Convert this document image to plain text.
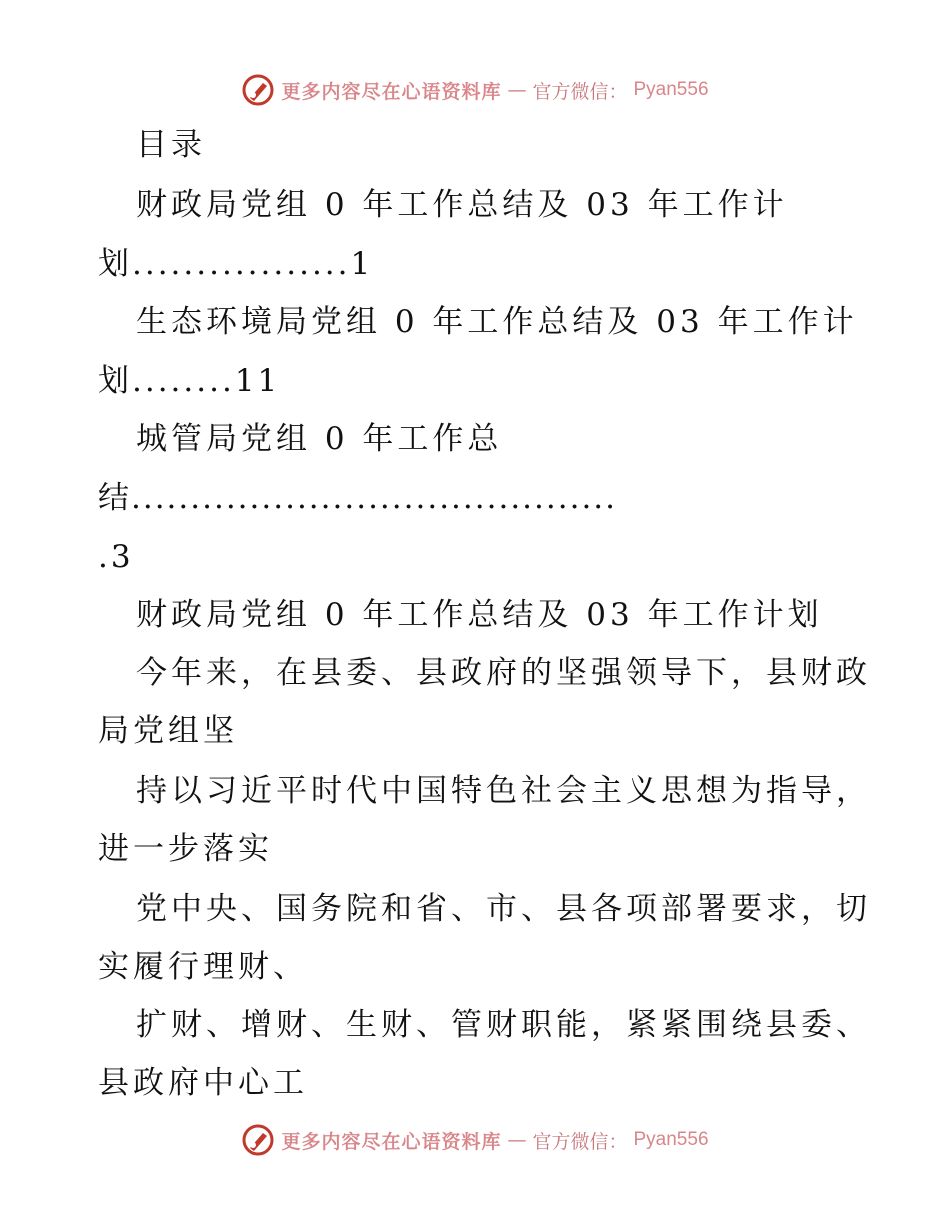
更多内容尽在心语资料库 — 官方微信： Pyan556
目录
财政局党组 0 年工作总结及 03 年工作计
划.................1
生态环境局党组 0 年工作总结及 03 年工作计
划........11
城管局党组 0 年工作总
结.........................................
.3
财政局党组 0 年工作总结及 03 年工作计划
今年来，在县委、县政府的坚强领导下，县财政
局党组坚
持以习近平时代中国特色社会主义思想为指导，
进一步落实
党中央、国务院和省、市、县各项部署要求，切
实履行理财、
扩财、增财、生财、管财职能，紧紧围绕县委、
县政府中心工
更多内容尽在心语资料库 — 官方微信： Pyan556
